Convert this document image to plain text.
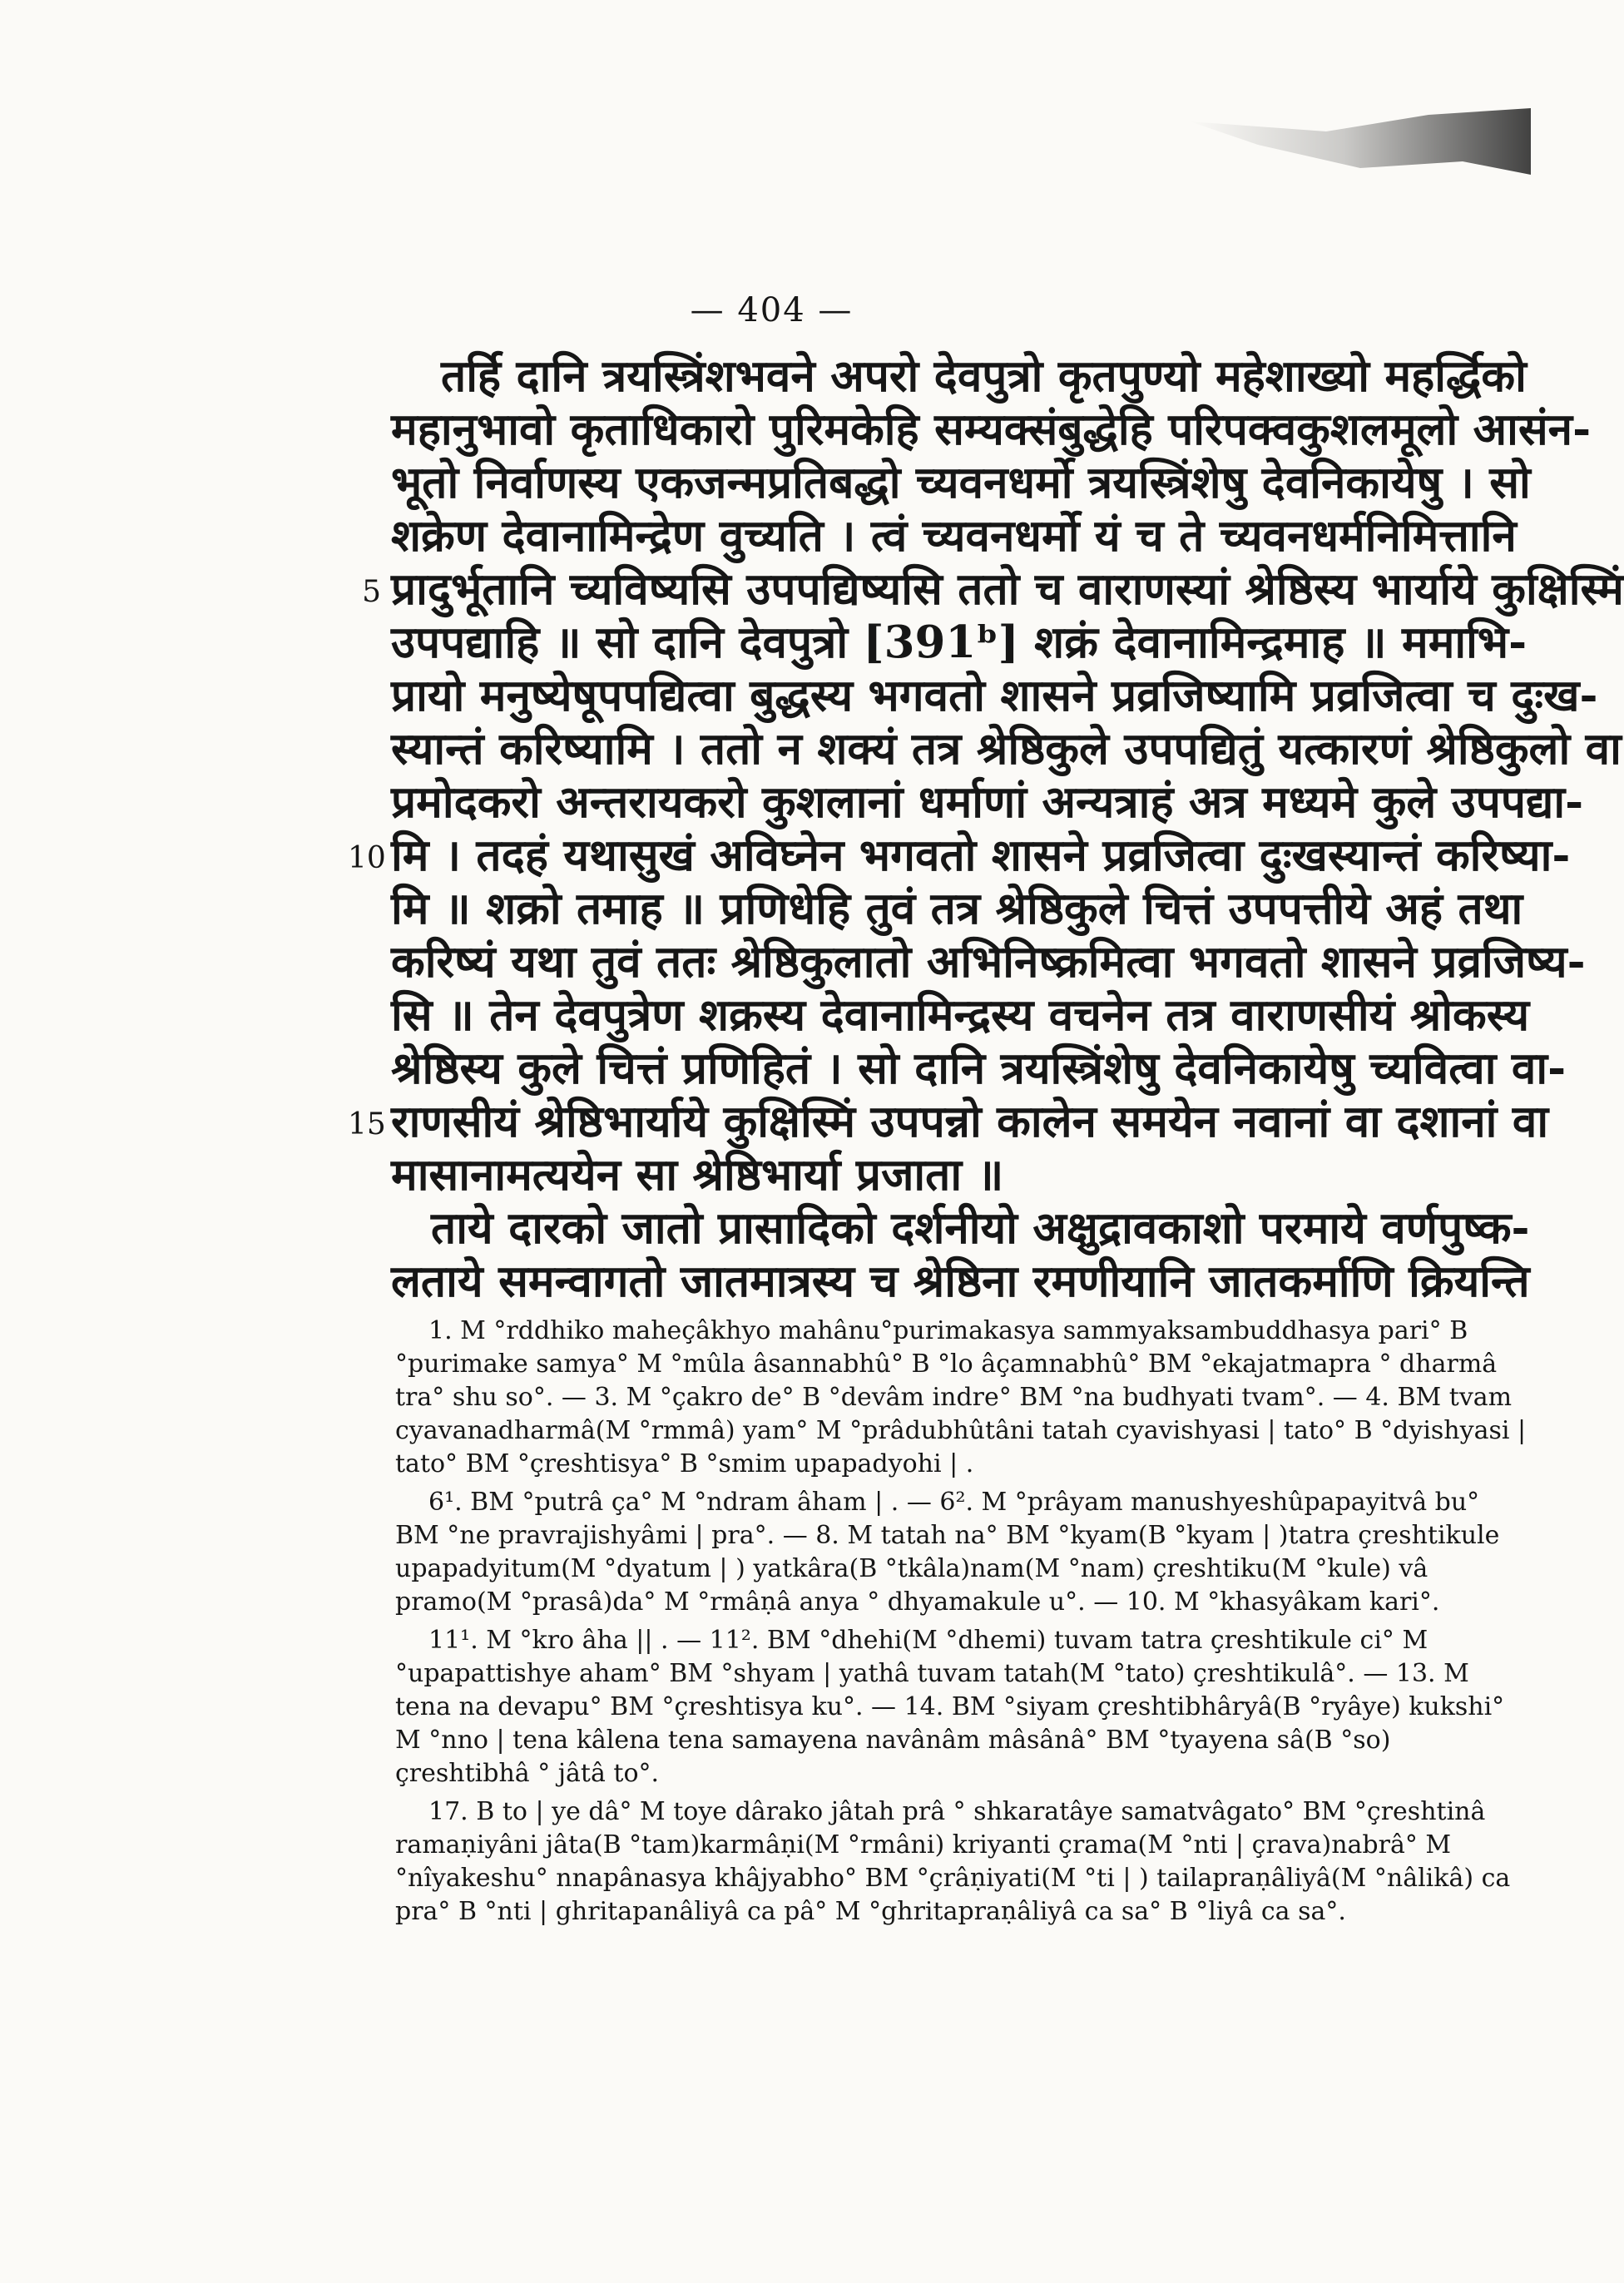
— 404 —
तर्हि दानि त्रयस्त्रिंशभवने अपरो देवपुत्रो कृतपुण्यो महेशाख्यो महर्द्धिको
महानुभावो कृताधिकारो पुरिमकेहि सम्यक्संबुद्धेहि परिपक्वकुशलमूलो आसंन-
भूतो निर्वाणस्य एकजन्मप्रतिबद्धो च्यवनधर्मो त्रयस्त्रिंशेषु देवनिकायेषु । सो
शक्रेण देवानामिन्द्रेण वुच्यति । त्वं च्यवनधर्मो यं च ते च्यवनधर्मनिमित्तानि
5 प्रादुर्भूतानि च्यविष्यसि उपपद्यिष्यसि ततो च वाराणस्यां श्रेष्ठिस्य भार्याये कुक्षिस्मिं
उपपद्याहि ॥ सो दानि देवपुत्रो [391ᵇ] शक्रं देवानामिन्द्रमाह ॥ ममाभि-
प्रायो मनुष्येषूपपद्यित्वा बुद्धस्य भगवतो शासने प्रव्रजिष्यामि प्रव्रजित्वा च दुःख-
स्यान्तं करिष्यामि । ततो न शक्यं तत्र श्रेष्ठिकुले उपपद्यितुं यत्कारणं श्रेष्ठिकुलो वा
प्रमोदकरो अन्तरायकरो कुशलानां धर्माणां अन्यत्राहं अत्र मध्यमे कुले उपपद्या-
10 मि । तदहं यथासुखं अविघ्नेन भगवतो शासने प्रव्रजित्वा दुःखस्यान्तं करिष्या-
मि ॥ शक्रो तमाह ॥ प्रणिधेहि तुवं तत्र श्रेष्ठिकुले चित्तं उपपत्तीये अहं तथा
करिष्यं यथा तुवं ततः श्रेष्ठिकुलातो अभिनिष्क्रमित्वा भगवतो शासने प्रव्रजिष्य-
सि ॥ तेन देवपुत्रेण शक्रस्य देवानामिन्द्रस्य वचनेन तत्र वाराणसीयं श्रोकस्य
श्रेष्ठिस्य कुले चित्तं प्रणिहितं । सो दानि त्रयस्त्रिंशेषु देवनिकायेषु च्यवित्वा वा-
15 राणसीयं श्रेष्ठिभार्याये कुक्षिस्मिं उपपन्नो कालेन समयेन नवानां वा दशानां वा
मासानामत्ययेन सा श्रेष्ठिभार्या प्रजाता ॥
ताये दारको जातो प्रासादिको दर्शनीयो अक्षुद्रावकाशो परमाये वर्णपुष्क-
लताये समन्वागतो जातमात्रस्य च श्रेष्ठिना रमणीयानि जातकर्माणि क्रियन्ति

1. M °rddhiko maheçâkhyo mahânu°purimakasya sammyaksambuddhasya pari° B °purimake samya° M °mûla âsannabhû° B °lo âçamnabhû° BM °ekajatmapra ° dharmâ tra° shu so°. — 3. M °çakro de° B °devâm indre° BM °na budhyati tvam°. — 4. BM tvam cyavanadharmâ(M °rmmâ) yam° M °prâdubhûtâni tatah cyavishyasi | tato° B °dyishyasi | tato° BM °çreshtisya° B °smim upapadyohi | .

6¹. BM °putrâ ça° M °ndram âham | . — 6². M °prâyam manushyeshûpapayitvâ bu° BM °ne pravrajishyâmi | pra°. — 8. M tatah na° BM °kyam(B °kyam | )tatra çreshtikule upapadyitum(M °dyatum | ) yatkâra(B °tkâla)nam(M °nam) çreshtiku(M °kule) vâ pramo(M °prasâ)da° M °rmâṇâ anya ° dhyamakule u°. — 10. M °khasyâkam kari°.

11¹. M °kro âha || . — 11². BM °dhehi(M °dhemi) tuvam tatra çreshtikule ci° M °upapattishye aham° BM °shyam | yathâ tuvam tatah(M °tato) çreshtikulâ°. — 13. M tena na devapu° BM °çreshtisya ku°. — 14. BM °siyam çreshtibhâryâ(B °ryâye) kukshi° M °nno | tena kâlena tena samayena navânâm mâsânâ° BM °tyayena sâ(B °so) çreshtibhâ ° jâtâ to°.

17. B to | ye dâ° M toye dârako jâtah prâ ° shkaratâye samatvâgato° BM °çreshtinâ ramaṇiyâni jâta(B °tam)karmâṇi(M °rmâni) kriyanti çrama(M °nti | çrava)nabrâ° M °nîyakeshu° nnapânasya khâjyabho° BM °çrâṇiyati(M °ti | ) tailapraṇâliyâ(M °nâlikâ) ca pra° B °nti | ghritapanâliyâ ca pâ° M °ghritapraṇâliyâ ca sa° B °liyâ ca sa°.
